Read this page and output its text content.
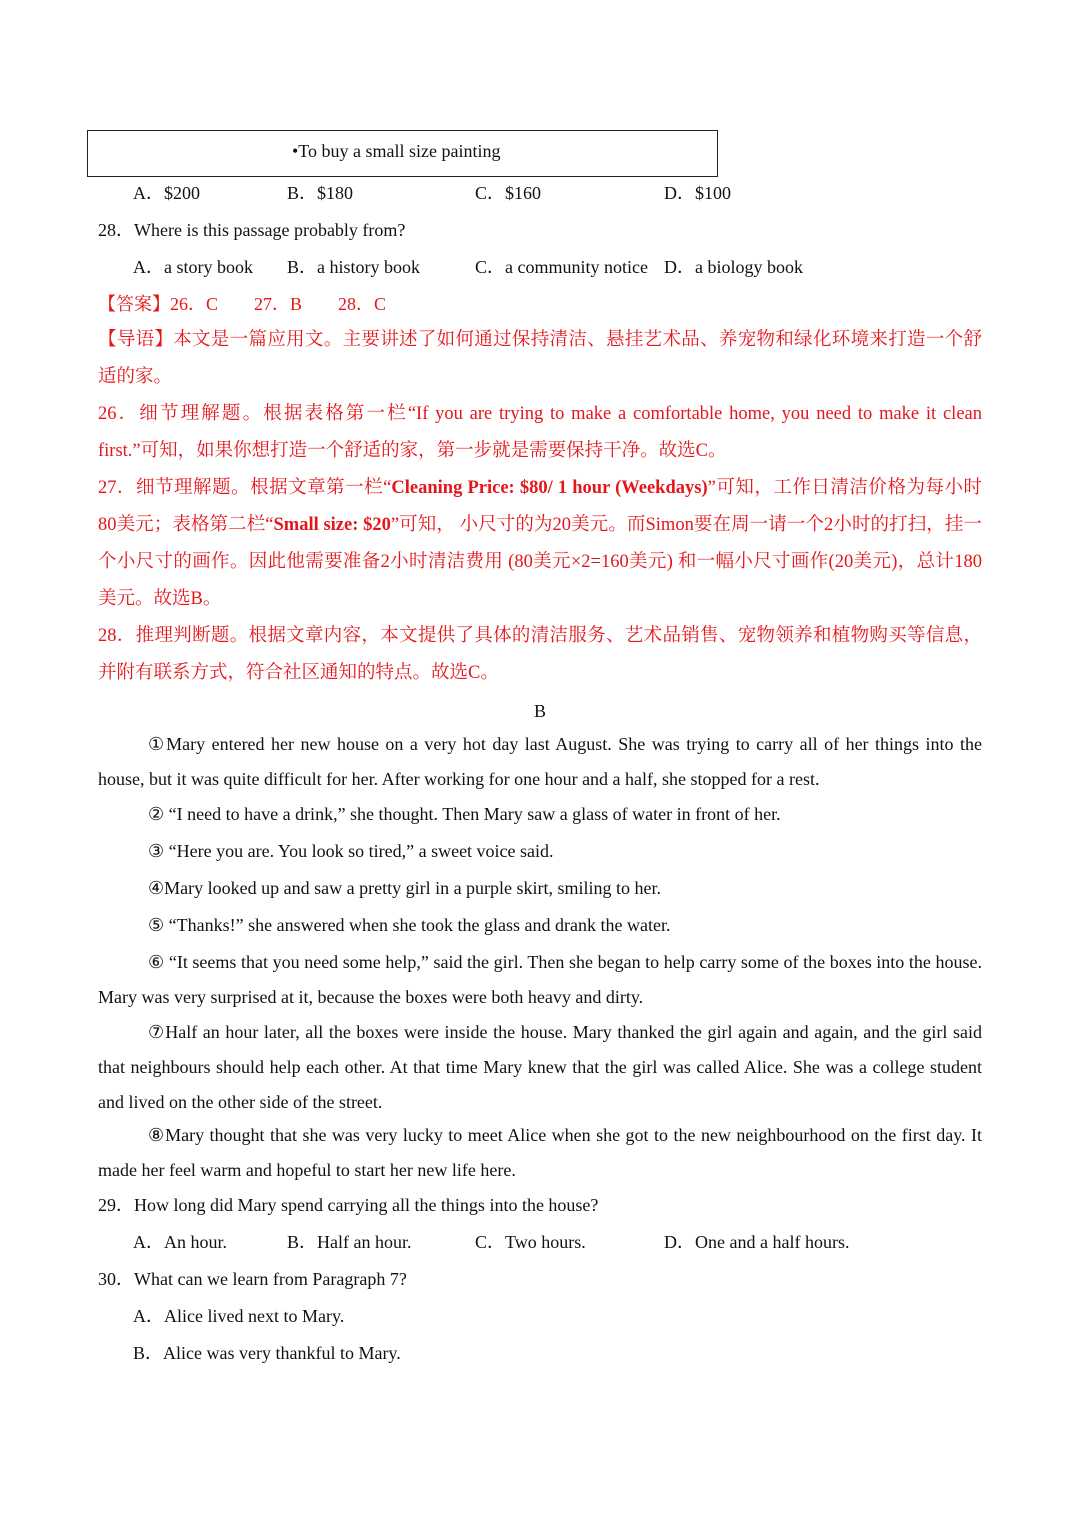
•To buy a small size painting
A．$200	B．$180	C．$160	D．$100
28．Where is this passage probably from?
A．a story book B．a history book	C．a community notice D．a biology book
【答案】26．C 27．B 28．C
【导语】本文是一篇应用文。主要讲述了如何通过保持清洁、悬挂艺术品、养宠物和绿化环境来打造一个舒适的家。
26．细节理解题。根据表格第一栏“If you are trying to make a comfortable home, you need to make it clean first.”可知，如果你想打造一个舒适的家，第一步就是需要保持干净。故选C。
27．细节理解题。根据文章第一栏“Cleaning Price: $80/ 1 hour (Weekdays)”可知，工作日清洁价格为每小时80美元；表格第二栏“Small size: $20”可知， 小尺寸的为20美元。而Simon要在周一请一个2小时的打扫，挂一个小尺寸的画作。因此他需要准备2小时清洁费用 (80美元×2=160美元) 和一幅小尺寸画作(20美元)，总计180美元。故选B。
28．推理判断题。根据文章内容，本文提供了具体的清洁服务、艺术品销售、宠物领养和植物购买等信息，并附有联系方式，符合社区通知的特点。故选C。
B
①Mary entered her new house on a very hot day last August. She was trying to carry all of her things into the house, but it was quite difficult for her. After working for one hour and a half, she stopped for a rest.
② “I need to have a drink,” she thought. Then Mary saw a glass of water in front of her.
③ “Here you are. You look so tired,” a sweet voice said.
④Mary looked up and saw a pretty girl in a purple skirt, smiling to her.
⑤ “Thanks!” she answered when she took the glass and drank the water.
⑥ “It seems that you need some help,” said the girl. Then she began to help carry some of the boxes into the house. Mary was very surprised at it, because the boxes were both heavy and dirty.
⑦Half an hour later, all the boxes were inside the house. Mary thanked the girl again and again, and the girl said that neighbours should help each other. At that time Mary knew that the girl was called Alice. She was a college student and lived on the other side of the street.
⑧Mary thought that she was very lucky to meet Alice when she got to the new neighbourhood on the first day. It made her feel warm and hopeful to start her new life here.
29．How long did Mary spend carrying all the things into the house?
A．An hour.	B．Half an hour.	C．Two hours.	D．One and a half hours.
30．What can we learn from Paragraph 7?
A．Alice lived next to Mary.
B．Alice was very thankful to Mary.
